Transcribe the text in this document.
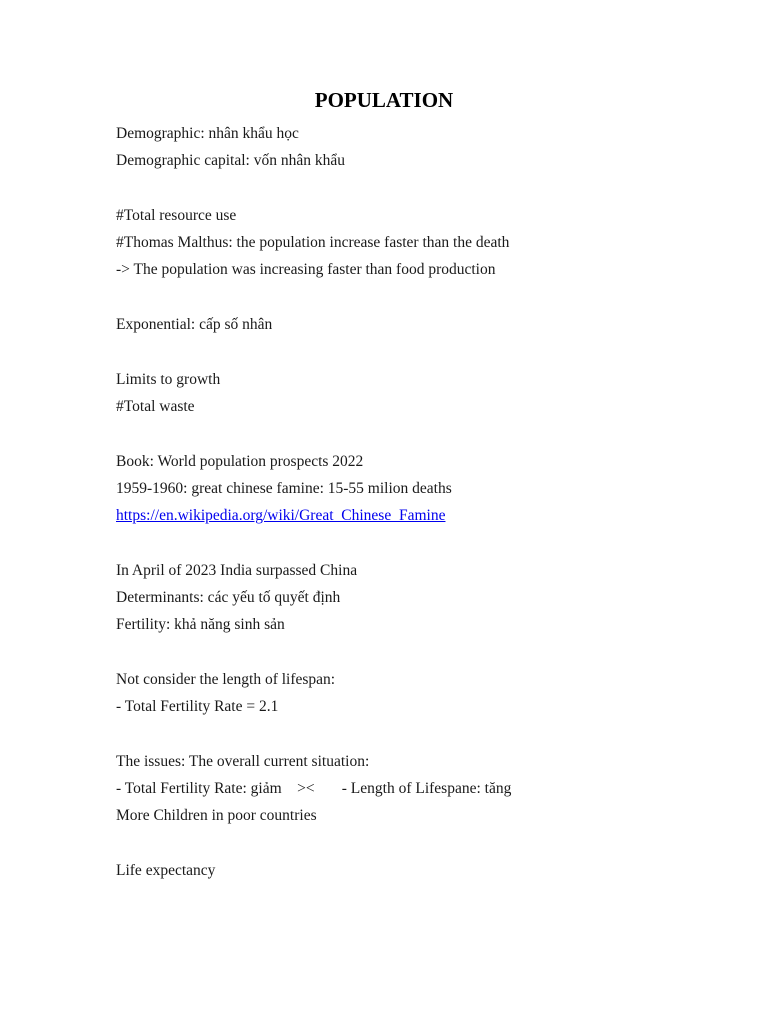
POPULATION
Demographic: nhân khẩu học
Demographic capital: vốn nhân khẩu
#Total resource use
#Thomas Malthus: the population increase faster than the death
-> The population was increasing faster than food production
Exponential: cấp số nhân
Limits to growth
#Total waste
Book: World population prospects 2022
1959-1960: great chinese famine: 15-55 milion deaths
https://en.wikipedia.org/wiki/Great_Chinese_Famine
In April of 2023 India surpassed China
Determinants: các yếu tố quyết định
Fertility: khả năng sinh sản
Not consider the length of lifespan:
- Total Fertility Rate = 2.1
The issues: The overall current situation:
- Total Fertility Rate: giảm    ><       - Length of Lifespane: tăng
More Children in poor countries
Life expectancy
